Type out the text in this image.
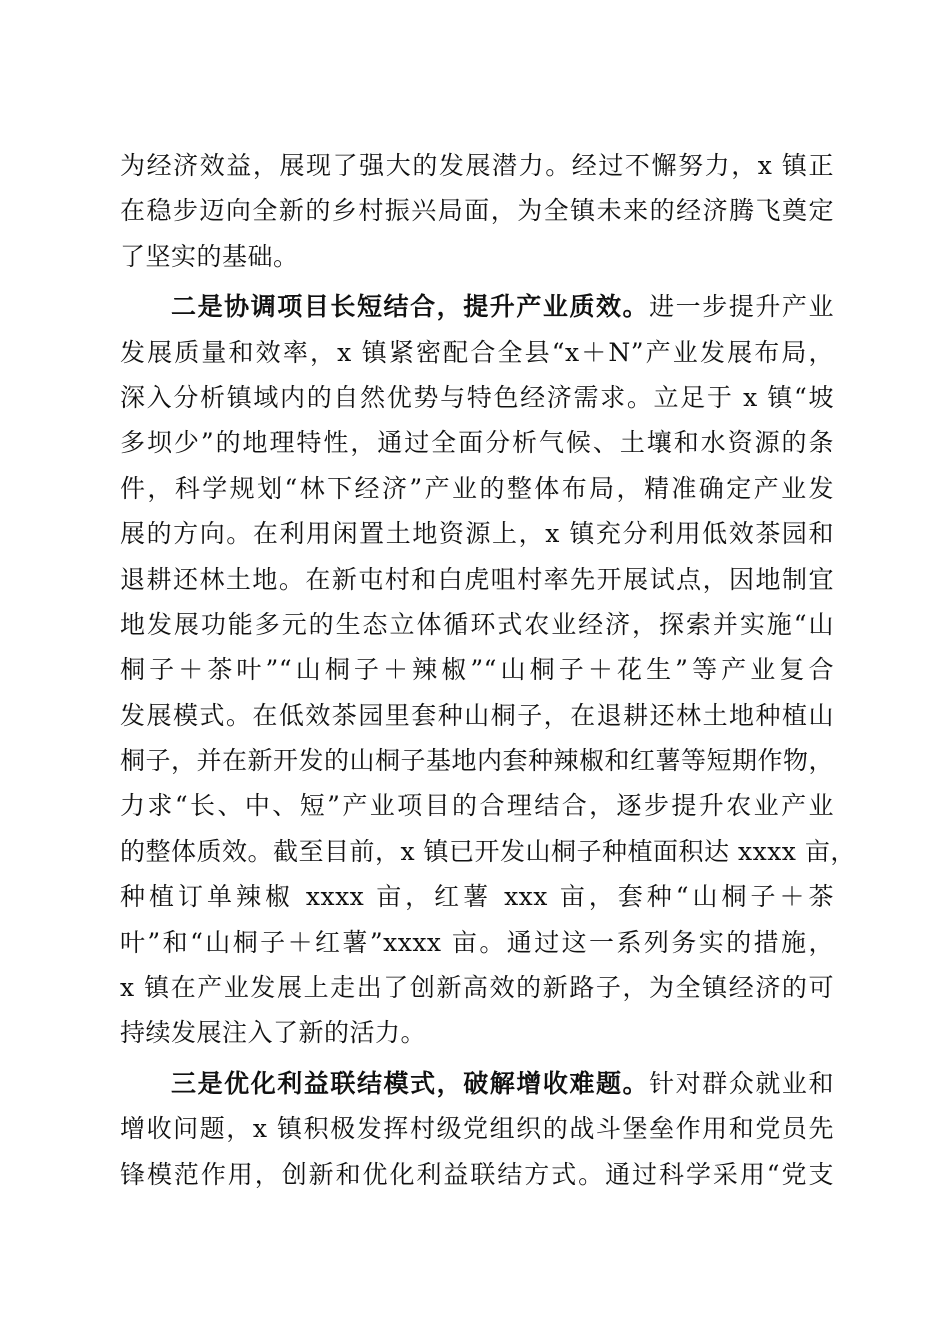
为经济效益，展现了强大的发展潜力。经过不懈努力，x 镇正
在稳步迈向全新的乡村振兴局面，为全镇未来的经济腾飞奠定
了坚实的基础。
二是协调项目长短结合，提升产业质效。进一步提升产业
发展质量和效率，x 镇紧密配合全县“x＋N”产业发展布局，
深入分析镇域内的自然优势与特色经济需求。立足于 x 镇“坡
多坝少”的地理特性，通过全面分析气候、土壤和水资源的条
件，科学规划“林下经济”产业的整体布局，精准确定产业发
展的方向。在利用闲置土地资源上，x 镇充分利用低效茶园和
退耕还林土地。在新屯村和白虎咀村率先开展试点，因地制宜
地发展功能多元的生态立体循环式农业经济，探索并实施“山
桐子＋茶叶”“山桐子＋辣椒”“山桐子＋花生”等产业复合
发展模式。在低效茶园里套种山桐子，在退耕还林土地种植山
桐子，并在新开发的山桐子基地内套种辣椒和红薯等短期作物，
力求“长、中、短”产业项目的合理结合，逐步提升农业产业
的整体质效。截至目前，x 镇已开发山桐子种植面积达 xxxx 亩，
种植订单辣椒 xxxx 亩，红薯 xxx 亩，套种“山桐子＋茶
叶”和“山桐子＋红薯”xxxx 亩。通过这一系列务实的措施，
x 镇在产业发展上走出了创新高效的新路子，为全镇经济的可
持续发展注入了新的活力。
三是优化利益联结模式，破解增收难题。针对群众就业和
增收问题，x 镇积极发挥村级党组织的战斗堡垒作用和党员先
锋模范作用，创新和优化利益联结方式。通过科学采用“党支
